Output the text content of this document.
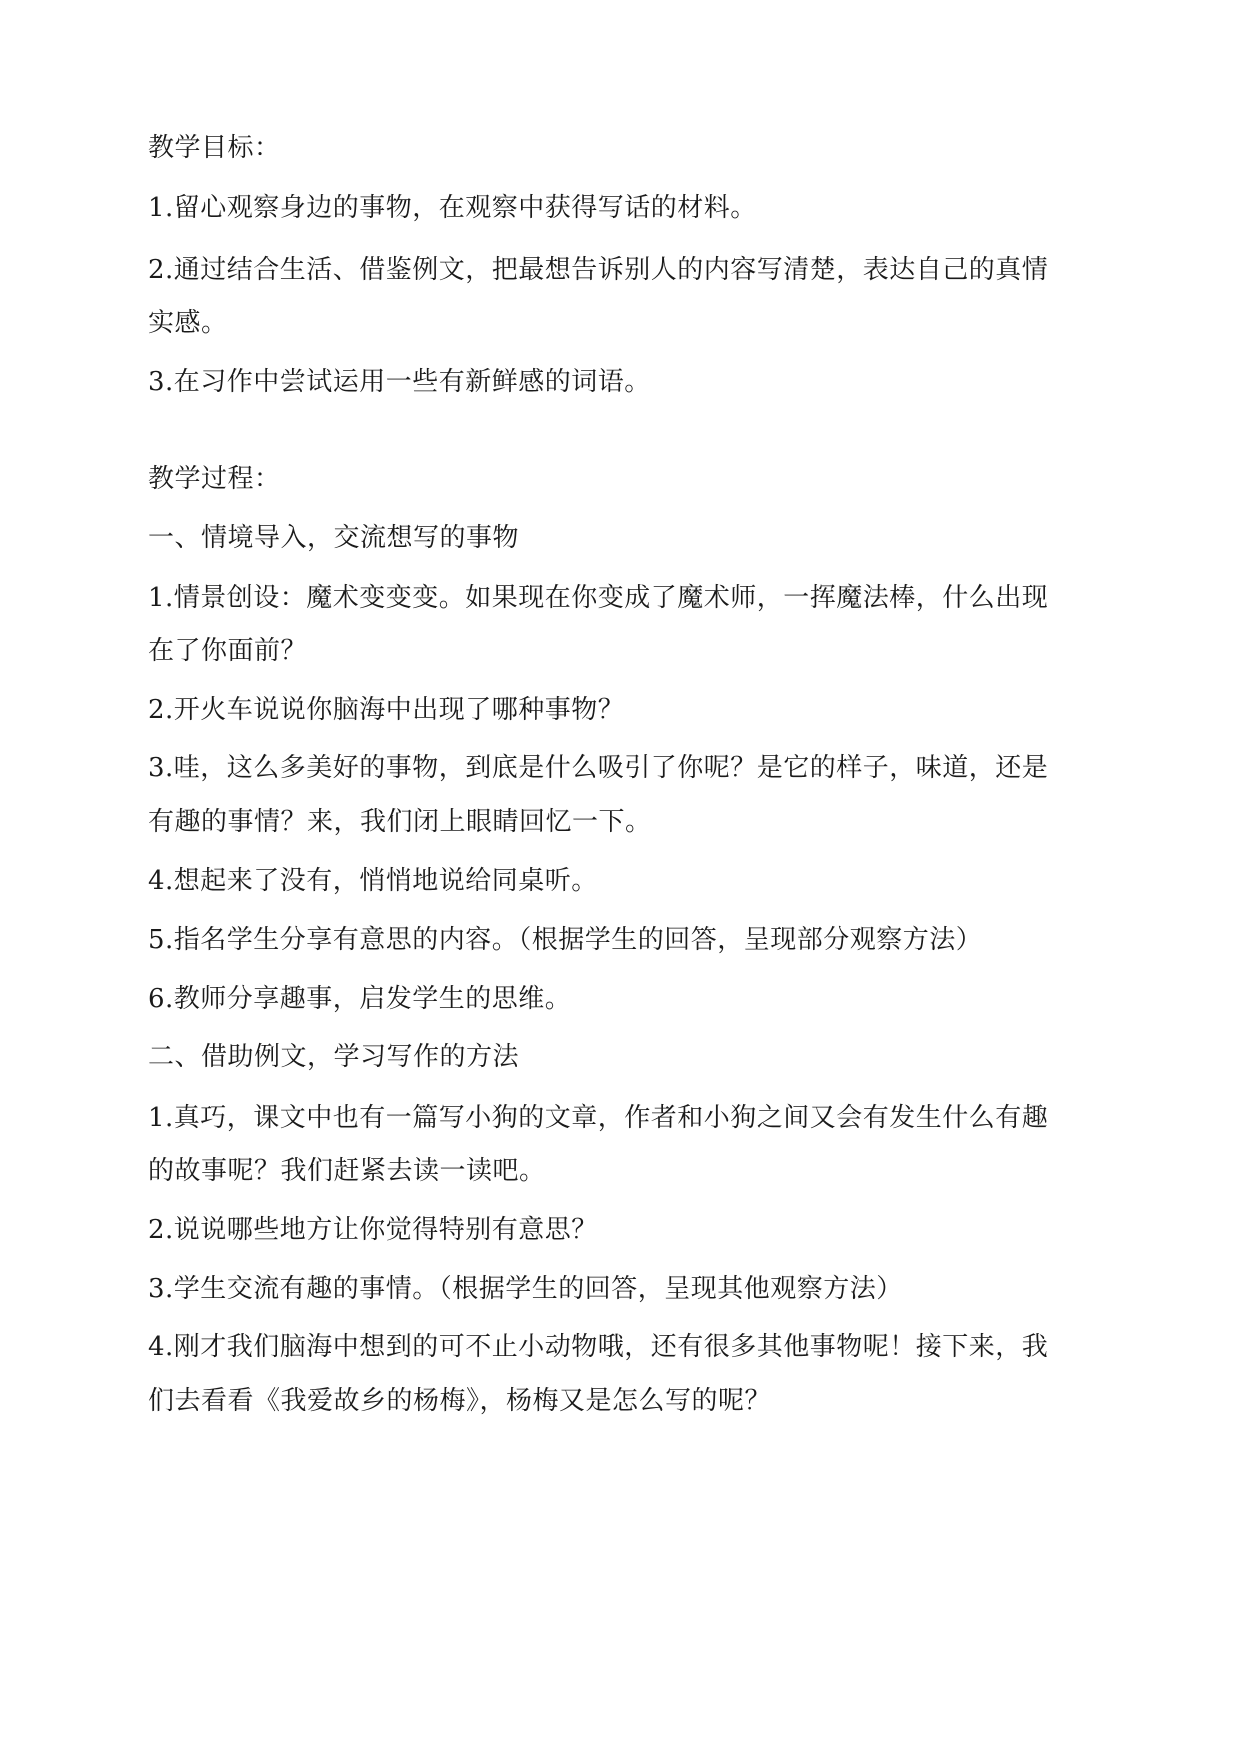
教学目标：
1.留心观察身边的事物，在观察中获得写话的材料。
2.通过结合生活、借鉴例文，把最想告诉别人的内容写清楚，表达自己的真情
实感。
3.在习作中尝试运用一些有新鲜感的词语。
教学过程：
一、情境导入，交流想写的事物
1.情景创设：魔术变变变。如果现在你变成了魔术师，一挥魔法棒，什么出现
在了你面前？
2.开火车说说你脑海中出现了哪种事物？
3.哇，这么多美好的事物，到底是什么吸引了你呢？是它的样子，味道，还是
有趣的事情？来，我们闭上眼睛回忆一下。
4.想起来了没有，悄悄地说给同桌听。
5.指名学生分享有意思的内容。（根据学生的回答，呈现部分观察方法）
6.教师分享趣事，启发学生的思维。
二、借助例文，学习写作的方法
1.真巧，课文中也有一篇写小狗的文章，作者和小狗之间又会有发生什么有趣
的故事呢？我们赶紧去读一读吧。
2.说说哪些地方让你觉得特别有意思？
3.学生交流有趣的事情。（根据学生的回答，呈现其他观察方法）
4.刚才我们脑海中想到的可不止小动物哦，还有很多其他事物呢！接下来，我
们去看看《我爱故乡的杨梅》，杨梅又是怎么写的呢？
